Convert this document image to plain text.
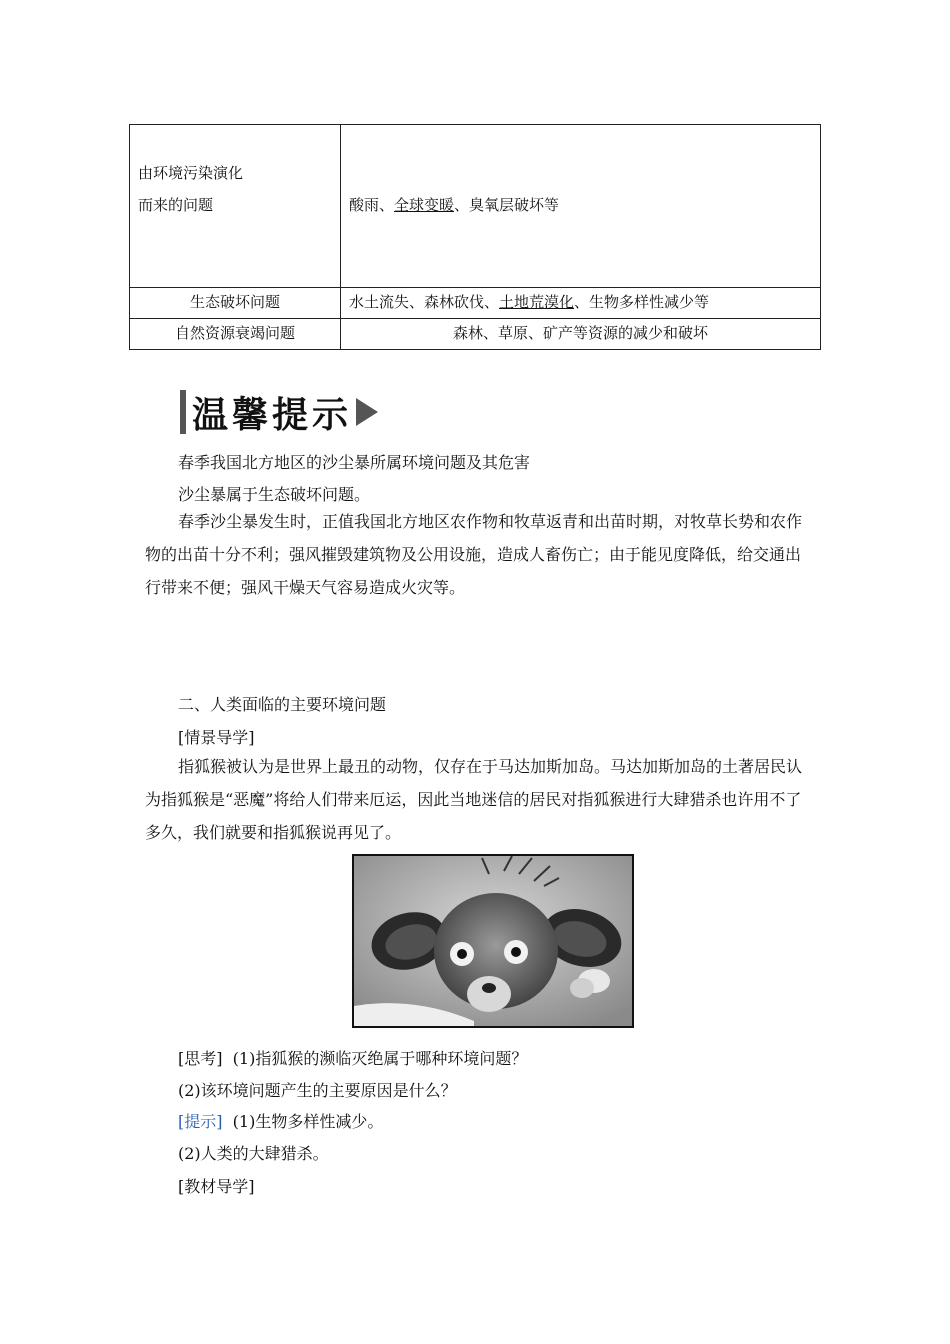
由环境污染演化
而来的问题	酸雨、全球变暖、臭氧层破坏等
生态破坏问题	水土流失、森林砍伐、土地荒漠化、生物多样性减少等
自然资源衰竭问题	森林、草原、矿产等资源的减少和破坏
温馨提示
春季我国北方地区的沙尘暴所属环境问题及其危害
沙尘暴属于生态破坏问题。

春季沙尘暴发生时，正值我国北方地区农作物和牧草返青和出苗时期，对牧草长势和农作物的出苗十分不利；强风摧毁建筑物及公用设施，造成人畜伤亡；由于能见度降低，给交通出行带来不便；强风干燥天气容易造成火灾等。

二、人类面临的主要环境问题
[情景导学]

指狐猴被认为是世界上最丑的动物，仅存在于马达加斯加岛。马达加斯加岛的土著居民认为指狐猴是“恶魔”将给人们带来厄运，因此当地迷信的居民对指狐猴进行大肆猎杀也许用不了多久，我们就要和指狐猴说再见了。

[思考] (1)指狐猴的濒临灭绝属于哪种环境问题？
(2)该环境问题产生的主要原因是什么？
[提示] (1)生物多样性减少。
(2)人类的大肆猎杀。
[教材导学]
